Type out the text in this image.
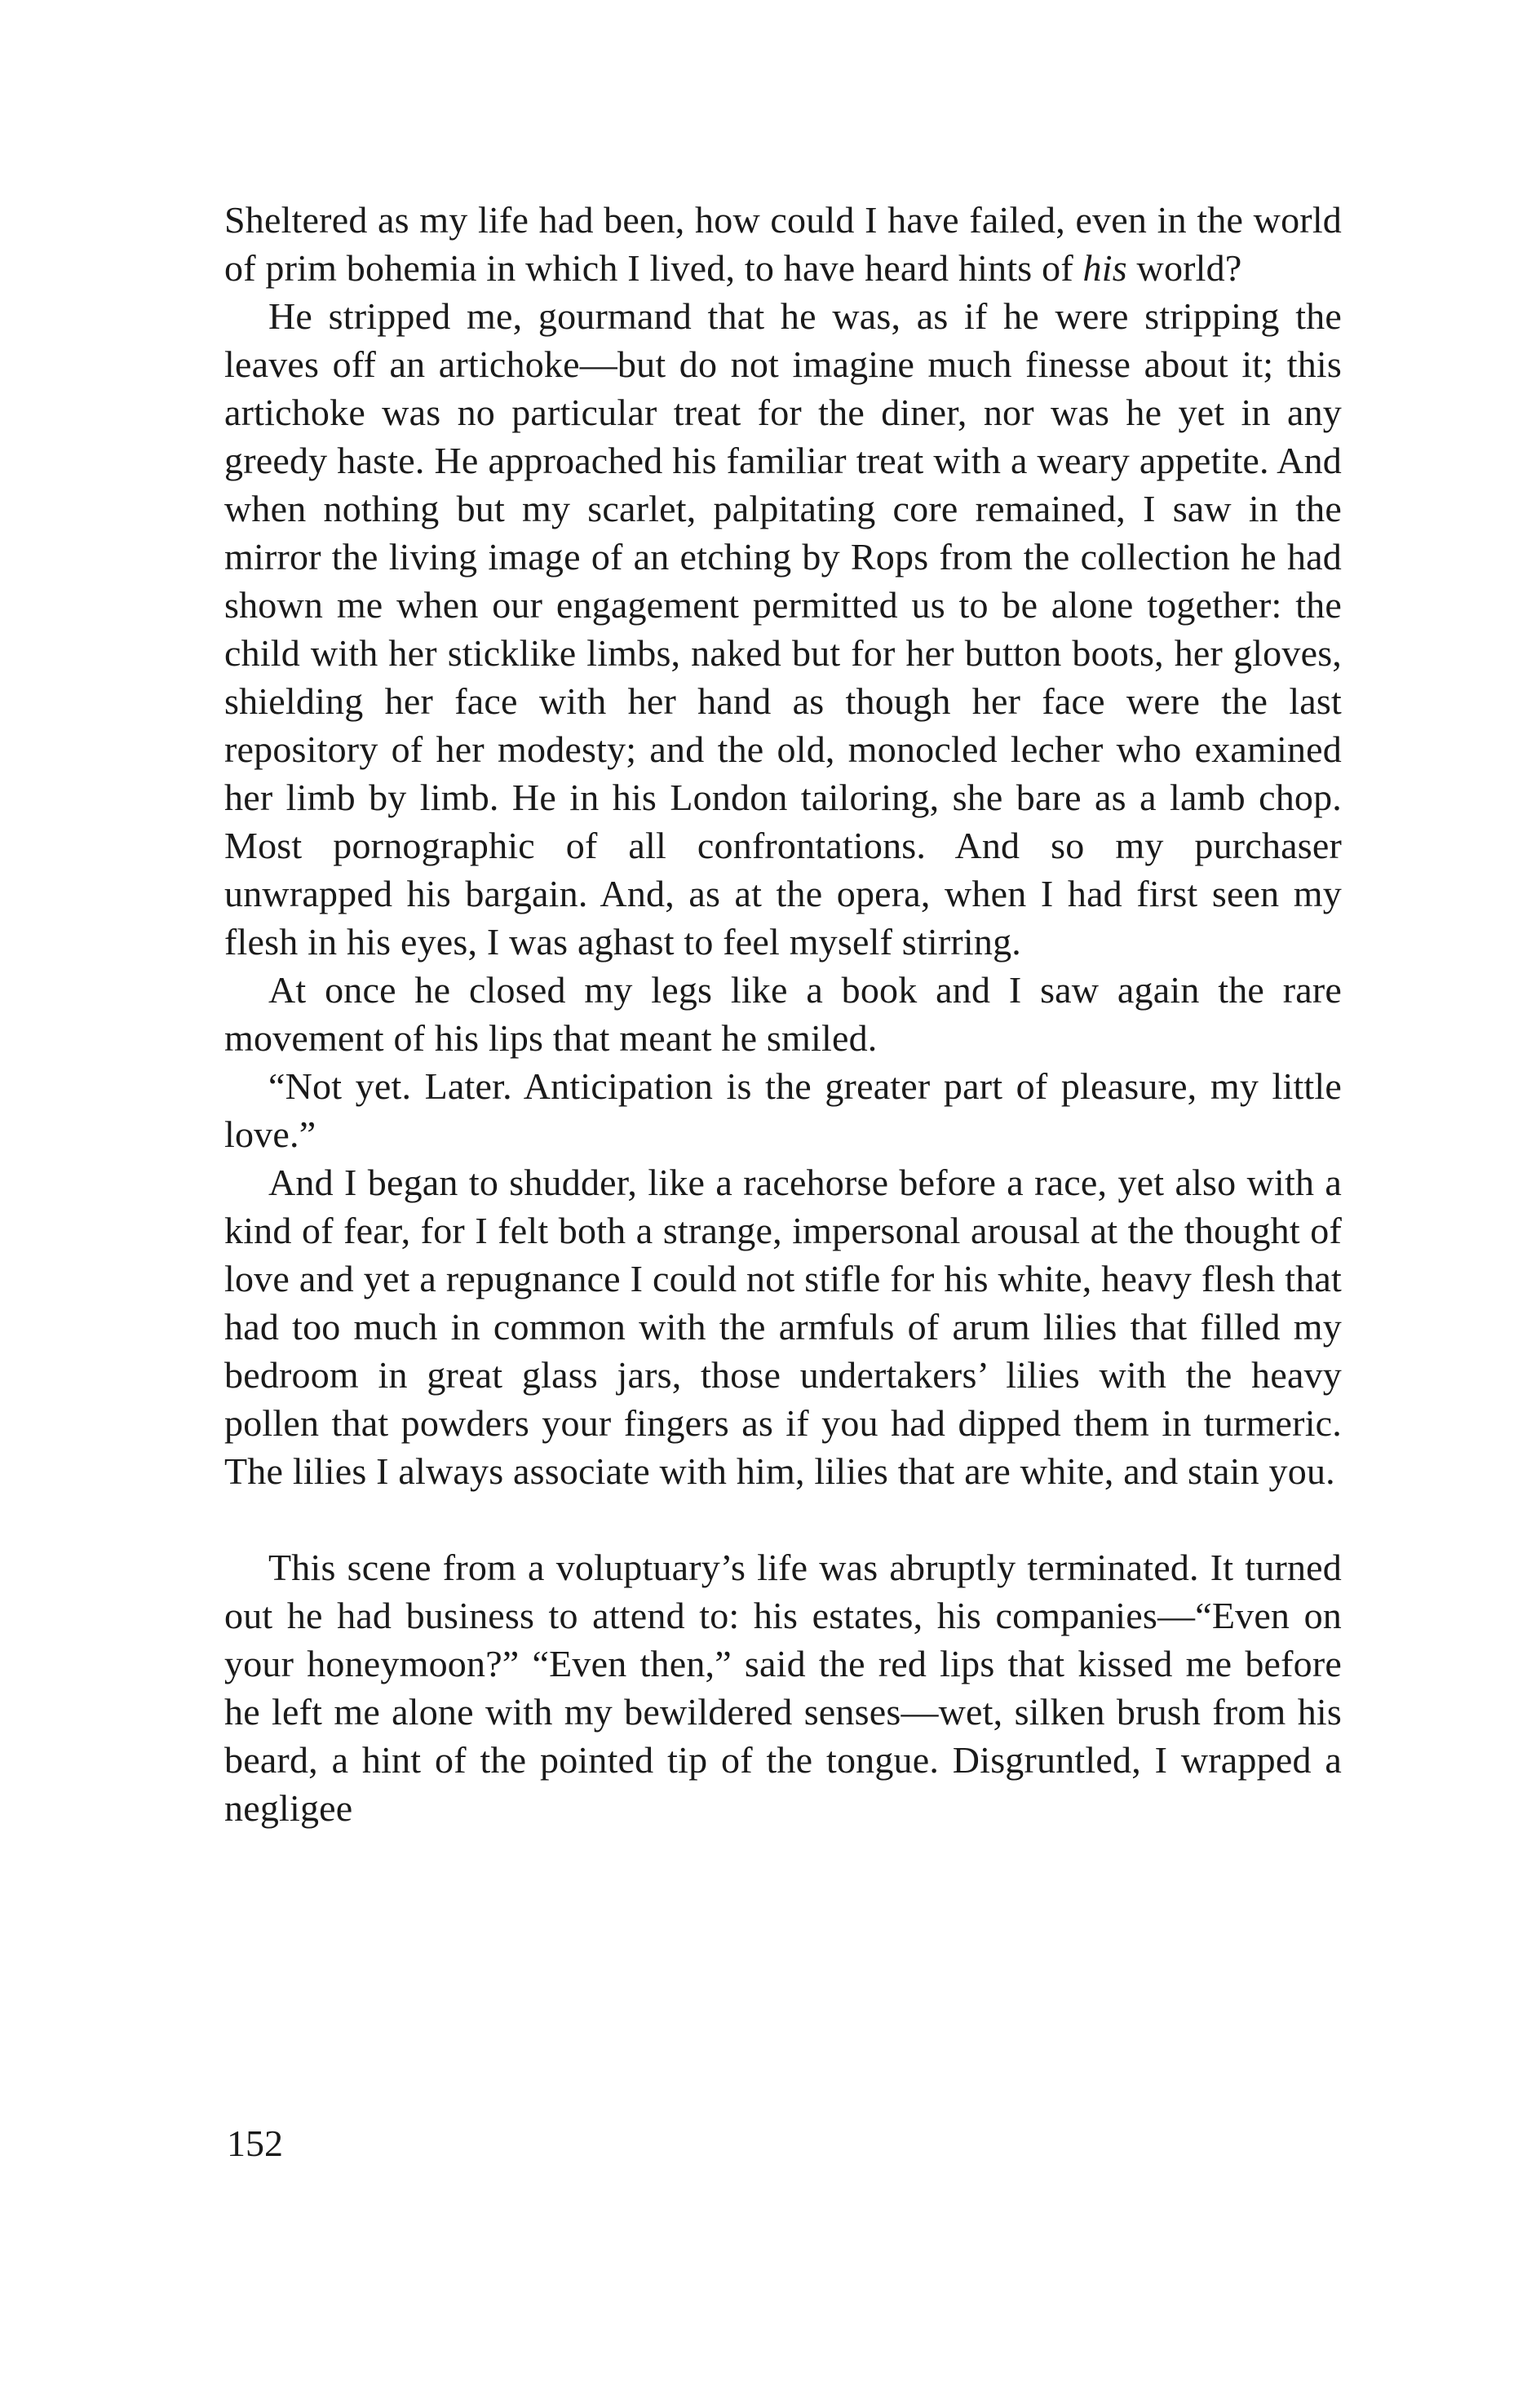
Sheltered as my life had been, how could I have failed, even in the world of prim bohemia in which I lived, to have heard hints of his world?

He stripped me, gourmand that he was, as if he were stripping the leaves off an artichoke—but do not imagine much finesse about it; this artichoke was no particular treat for the diner, nor was he yet in any greedy haste. He approached his familiar treat with a weary appetite. And when nothing but my scarlet, palpitating core remained, I saw in the mirror the living image of an etching by Rops from the collection he had shown me when our engagement permitted us to be alone together: the child with her sticklike limbs, naked but for her button boots, her gloves, shielding her face with her hand as though her face were the last repository of her modesty; and the old, monocled lecher who examined her limb by limb. He in his London tailoring, she bare as a lamb chop. Most pornographic of all confrontations. And so my purchaser unwrapped his bargain. And, as at the opera, when I had first seen my flesh in his eyes, I was aghast to feel myself stirring.

At once he closed my legs like a book and I saw again the rare movement of his lips that meant he smiled.

“Not yet. Later. Anticipation is the greater part of pleasure, my little love.”

And I began to shudder, like a racehorse before a race, yet also with a kind of fear, for I felt both a strange, impersonal arousal at the thought of love and yet a repugnance I could not stifle for his white, heavy flesh that had too much in common with the armfuls of arum lilies that filled my bedroom in great glass jars, those undertakers’ lilies with the heavy pollen that powders your fingers as if you had dipped them in turmeric. The lilies I always associate with him, lilies that are white, and stain you.

This scene from a voluptuary’s life was abruptly terminated. It turned out he had business to attend to: his estates, his companies—“Even on your honeymoon?” “Even then,” said the red lips that kissed me before he left me alone with my bewildered senses—wet, silken brush from his beard, a hint of the pointed tip of the tongue. Disgruntled, I wrapped a negligee

152
